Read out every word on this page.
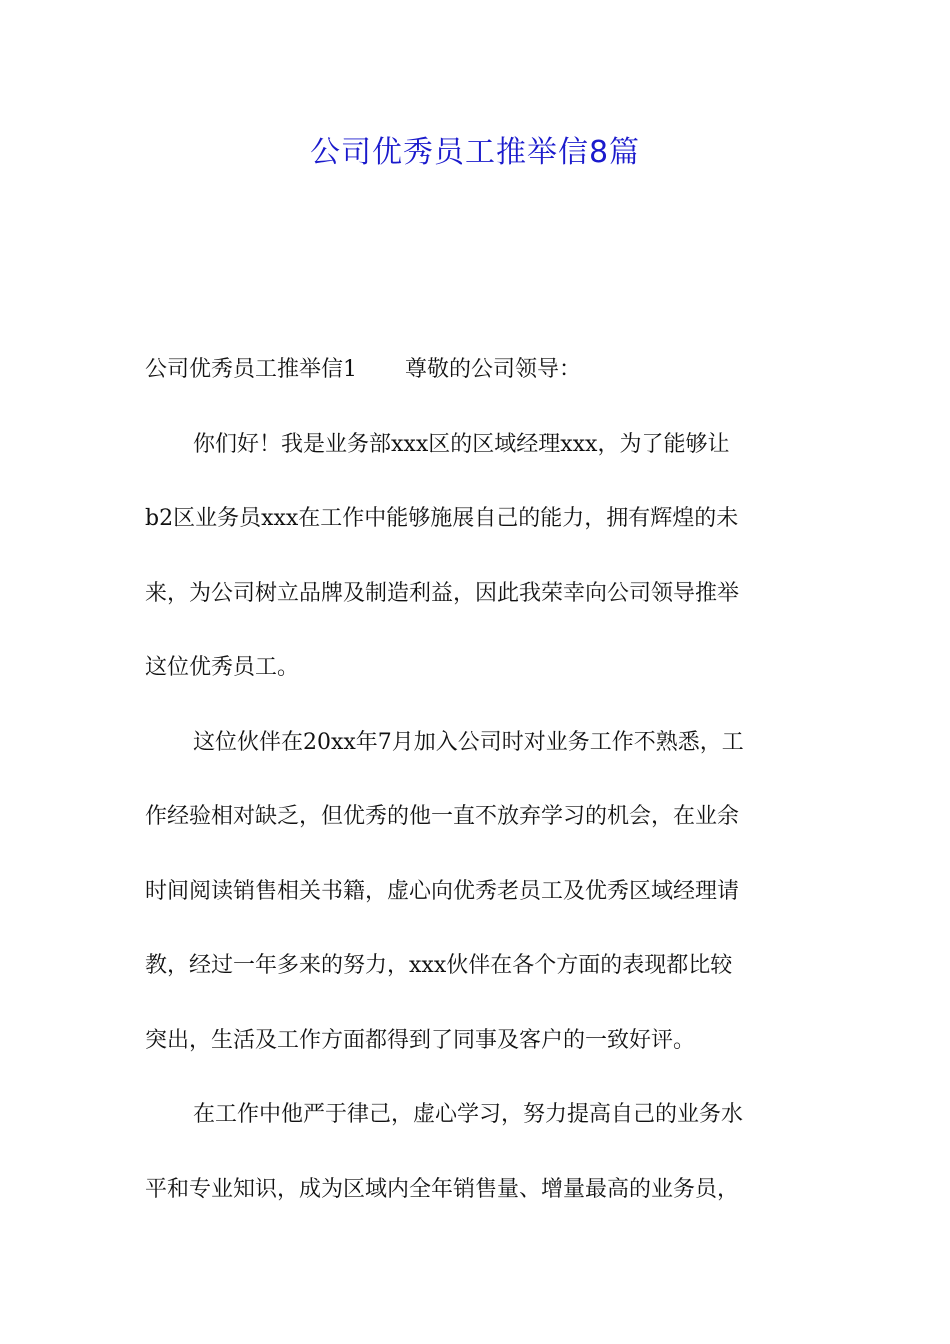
公司优秀员工推举信8篇
公司优秀员工推举信1 尊敬的公司领导：
你们好！我是业务部xxx区的区域经理xxx，为了能够让
b2区业务员xxx在工作中能够施展自己的能力，拥有辉煌的未
来，为公司树立品牌及制造利益，因此我荣幸向公司领导推举
这位优秀员工。
这位伙伴在20xx年7月加入公司时对业务工作不熟悉，工
作经验相对缺乏，但优秀的他一直不放弃学习的机会，在业余
时间阅读销售相关书籍，虚心向优秀老员工及优秀区域经理请
教，经过一年多来的努力，xxx伙伴在各个方面的表现都比较
突出，生活及工作方面都得到了同事及客户的一致好评。
在工作中他严于律己，虚心学习，努力提高自己的业务水
平和专业知识，成为区域内全年销售量、增量最高的业务员，
